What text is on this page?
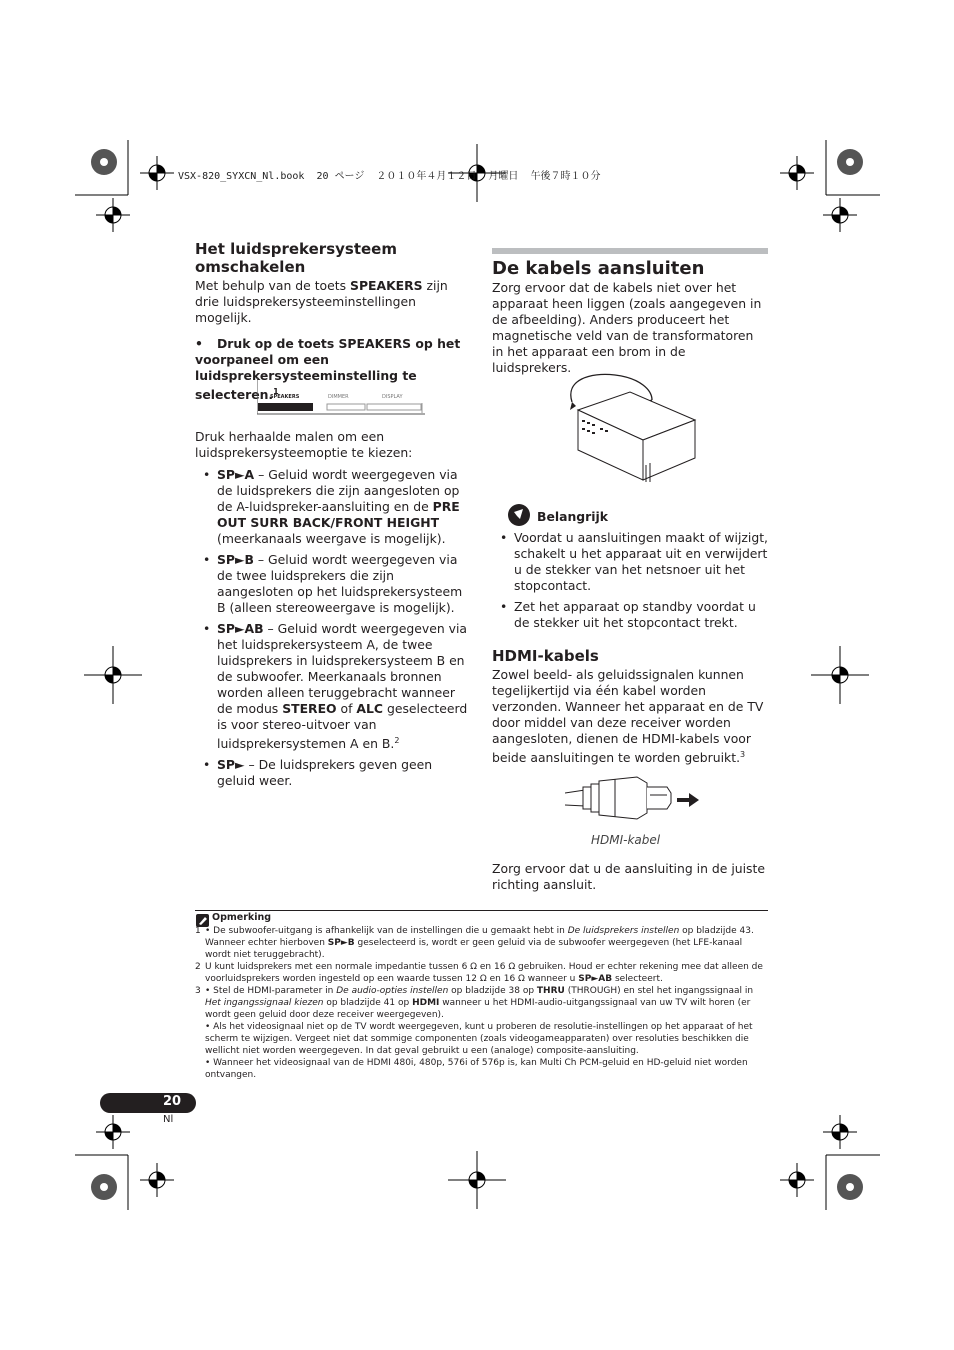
VSX-820_SYXCN_Nl.book  20 ページ  ２０１０年４月１２日  月曜日  午後７時１０分
Het luidsprekersysteem omschakelen
Met behulp van de toets SPEAKERS zijn drie luidsprekersysteeminstellingen mogelijk.
• Druk op de toets SPEAKERS op het voorpaneel om een luidsprekersysteeminstelling te selecteren.$^1$
SPEAKERS	DIMMER	DISPLAY
Druk herhaalde malen om een luidsprekersysteemoptie te kiezen:
• SP►A – Geluid wordt weergegeven via de luidsprekers die zijn aangesloten op de A-luidspreker-aansluiting en de PRE OUT SURR BACK/FRONT HEIGHT (meerkanaals weergave is mogelijk).
• SP►B – Geluid wordt weergegeven via de twee luidsprekers die zijn aangesloten op het luidsprekersysteem B (alleen stereoweergave is mogelijk).
• SP►AB – Geluid wordt weergegeven via het luidsprekersysteem A, de twee luidsprekers in luidsprekersysteem B en de subwoofer. Meerkanaals bronnen worden alleen teruggebracht wanneer de modus STEREO of ALC geselecteerd is voor stereo-uitvoer van luidsprekersystemen A en B.$^2$
• SP► – De luidsprekers geven geen geluid weer.
De kabels aansluiten
Zorg ervoor dat de kabels niet over het apparaat heen liggen (zoals aangegeven in de afbeelding). Anders produceert het magnetische veld van de transformatoren in het apparaat een brom in de luidsprekers.
Belangrijk
• Voordat u aansluitingen maakt of wijzigt, schakelt u het apparaat uit en verwijdert u de stekker van het netsnoer uit het stopcontact.
• Zet het apparaat op standby voordat u de stekker uit het stopcontact trekt.
HDMI-kabels
Zowel beeld- als geluidssignalen kunnen tegelijkertijd via één kabel worden verzonden. Wanneer het apparaat en de TV door middel van deze receiver worden aangesloten, dienen de HDMI-kabels voor beide aansluitingen te worden gebruikt.$^3$
HDMI-kabel
Zorg ervoor dat u de aansluiting in de juiste richting aansluit.
Opmerking
1 • De subwoofer-uitgang is afhankelijk van de instellingen die u gemaakt hebt in De luidsprekers instellen op bladzijde 43. Wanneer echter hierboven SP►B geselecteerd is, wordt er geen geluid via de subwoofer weergegeven (het LFE-kanaal wordt niet teruggebracht).
2 U kunt luidsprekers met een normale impedantie tussen 6 Ω en 16 Ω gebruiken. Houd er echter rekening mee dat alleen de voorluidsprekers worden ingesteld op een waarde tussen 12 Ω en 16 Ω wanneer u SP►AB selecteert.
3 • Stel de HDMI-parameter in De audio-opties instellen op bladzijde 38 op THRU (THROUGH) en stel het ingangssignaal in Het ingangssignaal kiezen op bladzijde 41 op HDMI wanneer u het HDMI-audio-uitgangssignaal van uw TV wilt horen (er wordt geen geluid door deze receiver weergegeven).
• Als het videosignaal niet op de TV wordt weergegeven, kunt u proberen de resolutie-instellingen op het apparaat of het scherm te wijzigen. Vergeet niet dat sommige componenten (zoals videogameapparaten) over resoluties beschikken die wellicht niet worden weergegeven. In dat geval gebruikt u een (analoge) composite-aansluiting.
• Wanneer het videosignaal van de HDMI 480i, 480p, 576i of 576p is, kan Multi Ch PCM-geluid en HD-geluid niet worden ontvangen.
20
Nl
